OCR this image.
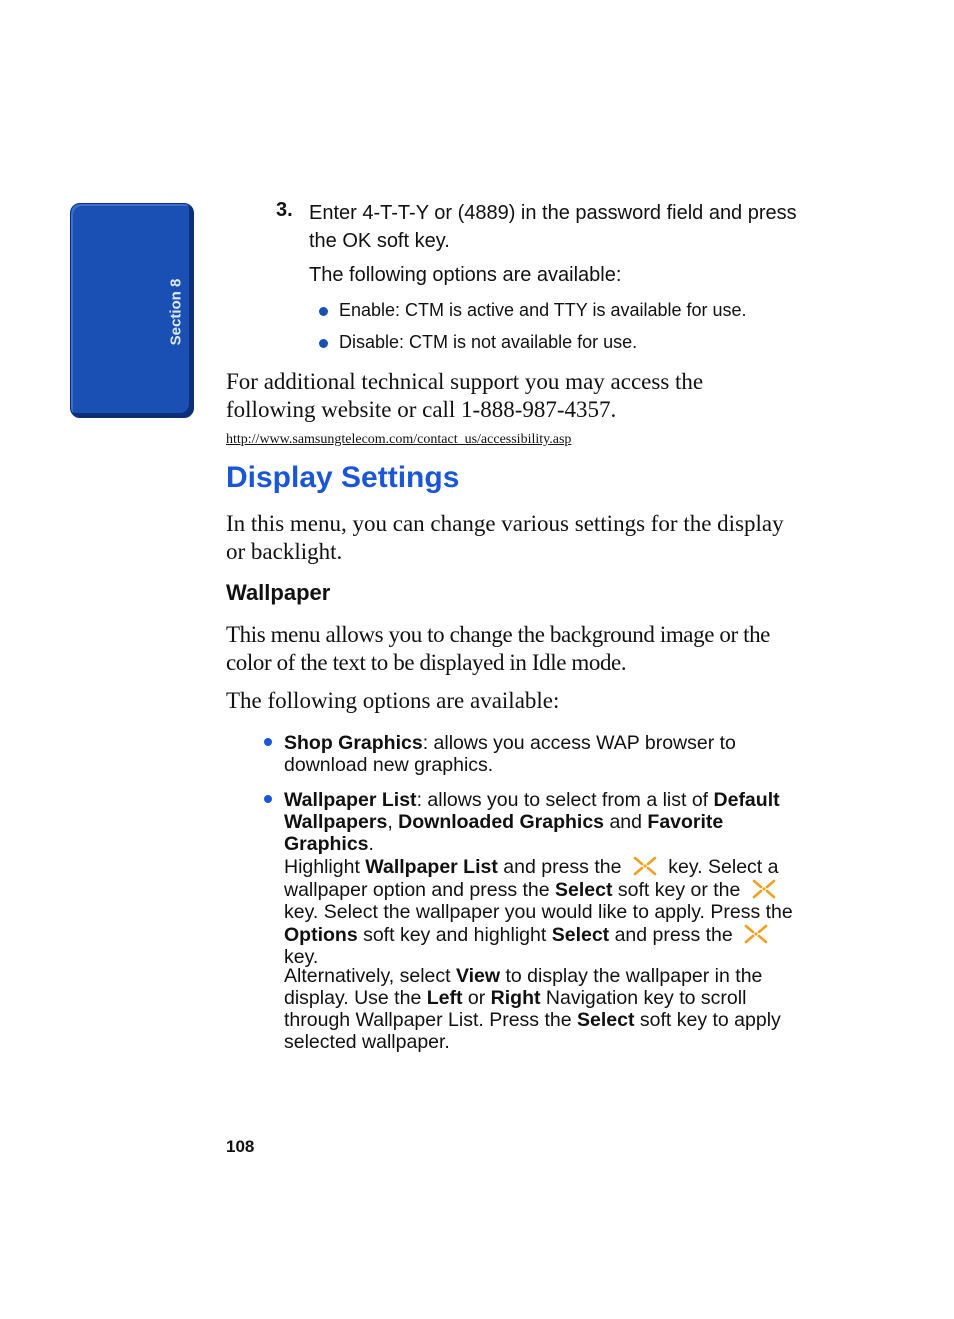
Section 8
3. Enter 4-T-T-Y or (4889) in the password field and press the OK soft key.
The following options are available:
Enable: CTM is active and TTY is available for use.
Disable: CTM is not available for use.
For additional technical support you may access the following website or call 1-888-987-4357.
http://www.samsungtelecom.com/contact_us/accessibility.asp
Display Settings
In this menu, you can change various settings for the display or backlight.
Wallpaper
This menu allows you to change the background image or the color of the text to be displayed in Idle mode.
The following options are available:
Shop Graphics: allows you access WAP browser to download new graphics.
Wallpaper List: allows you to select from a list of Default Wallpapers, Downloaded Graphics and Favorite Graphics.
Highlight Wallpaper List and press the  key. Select a wallpaper option and press the Select soft key or the  key. Select the wallpaper you would like to apply. Press the Options soft key and highlight Select and press the  key.
Alternatively, select View to display the wallpaper in the display. Use the Left or Right Navigation key to scroll through Wallpaper List. Press the Select soft key to apply selected wallpaper.
108
